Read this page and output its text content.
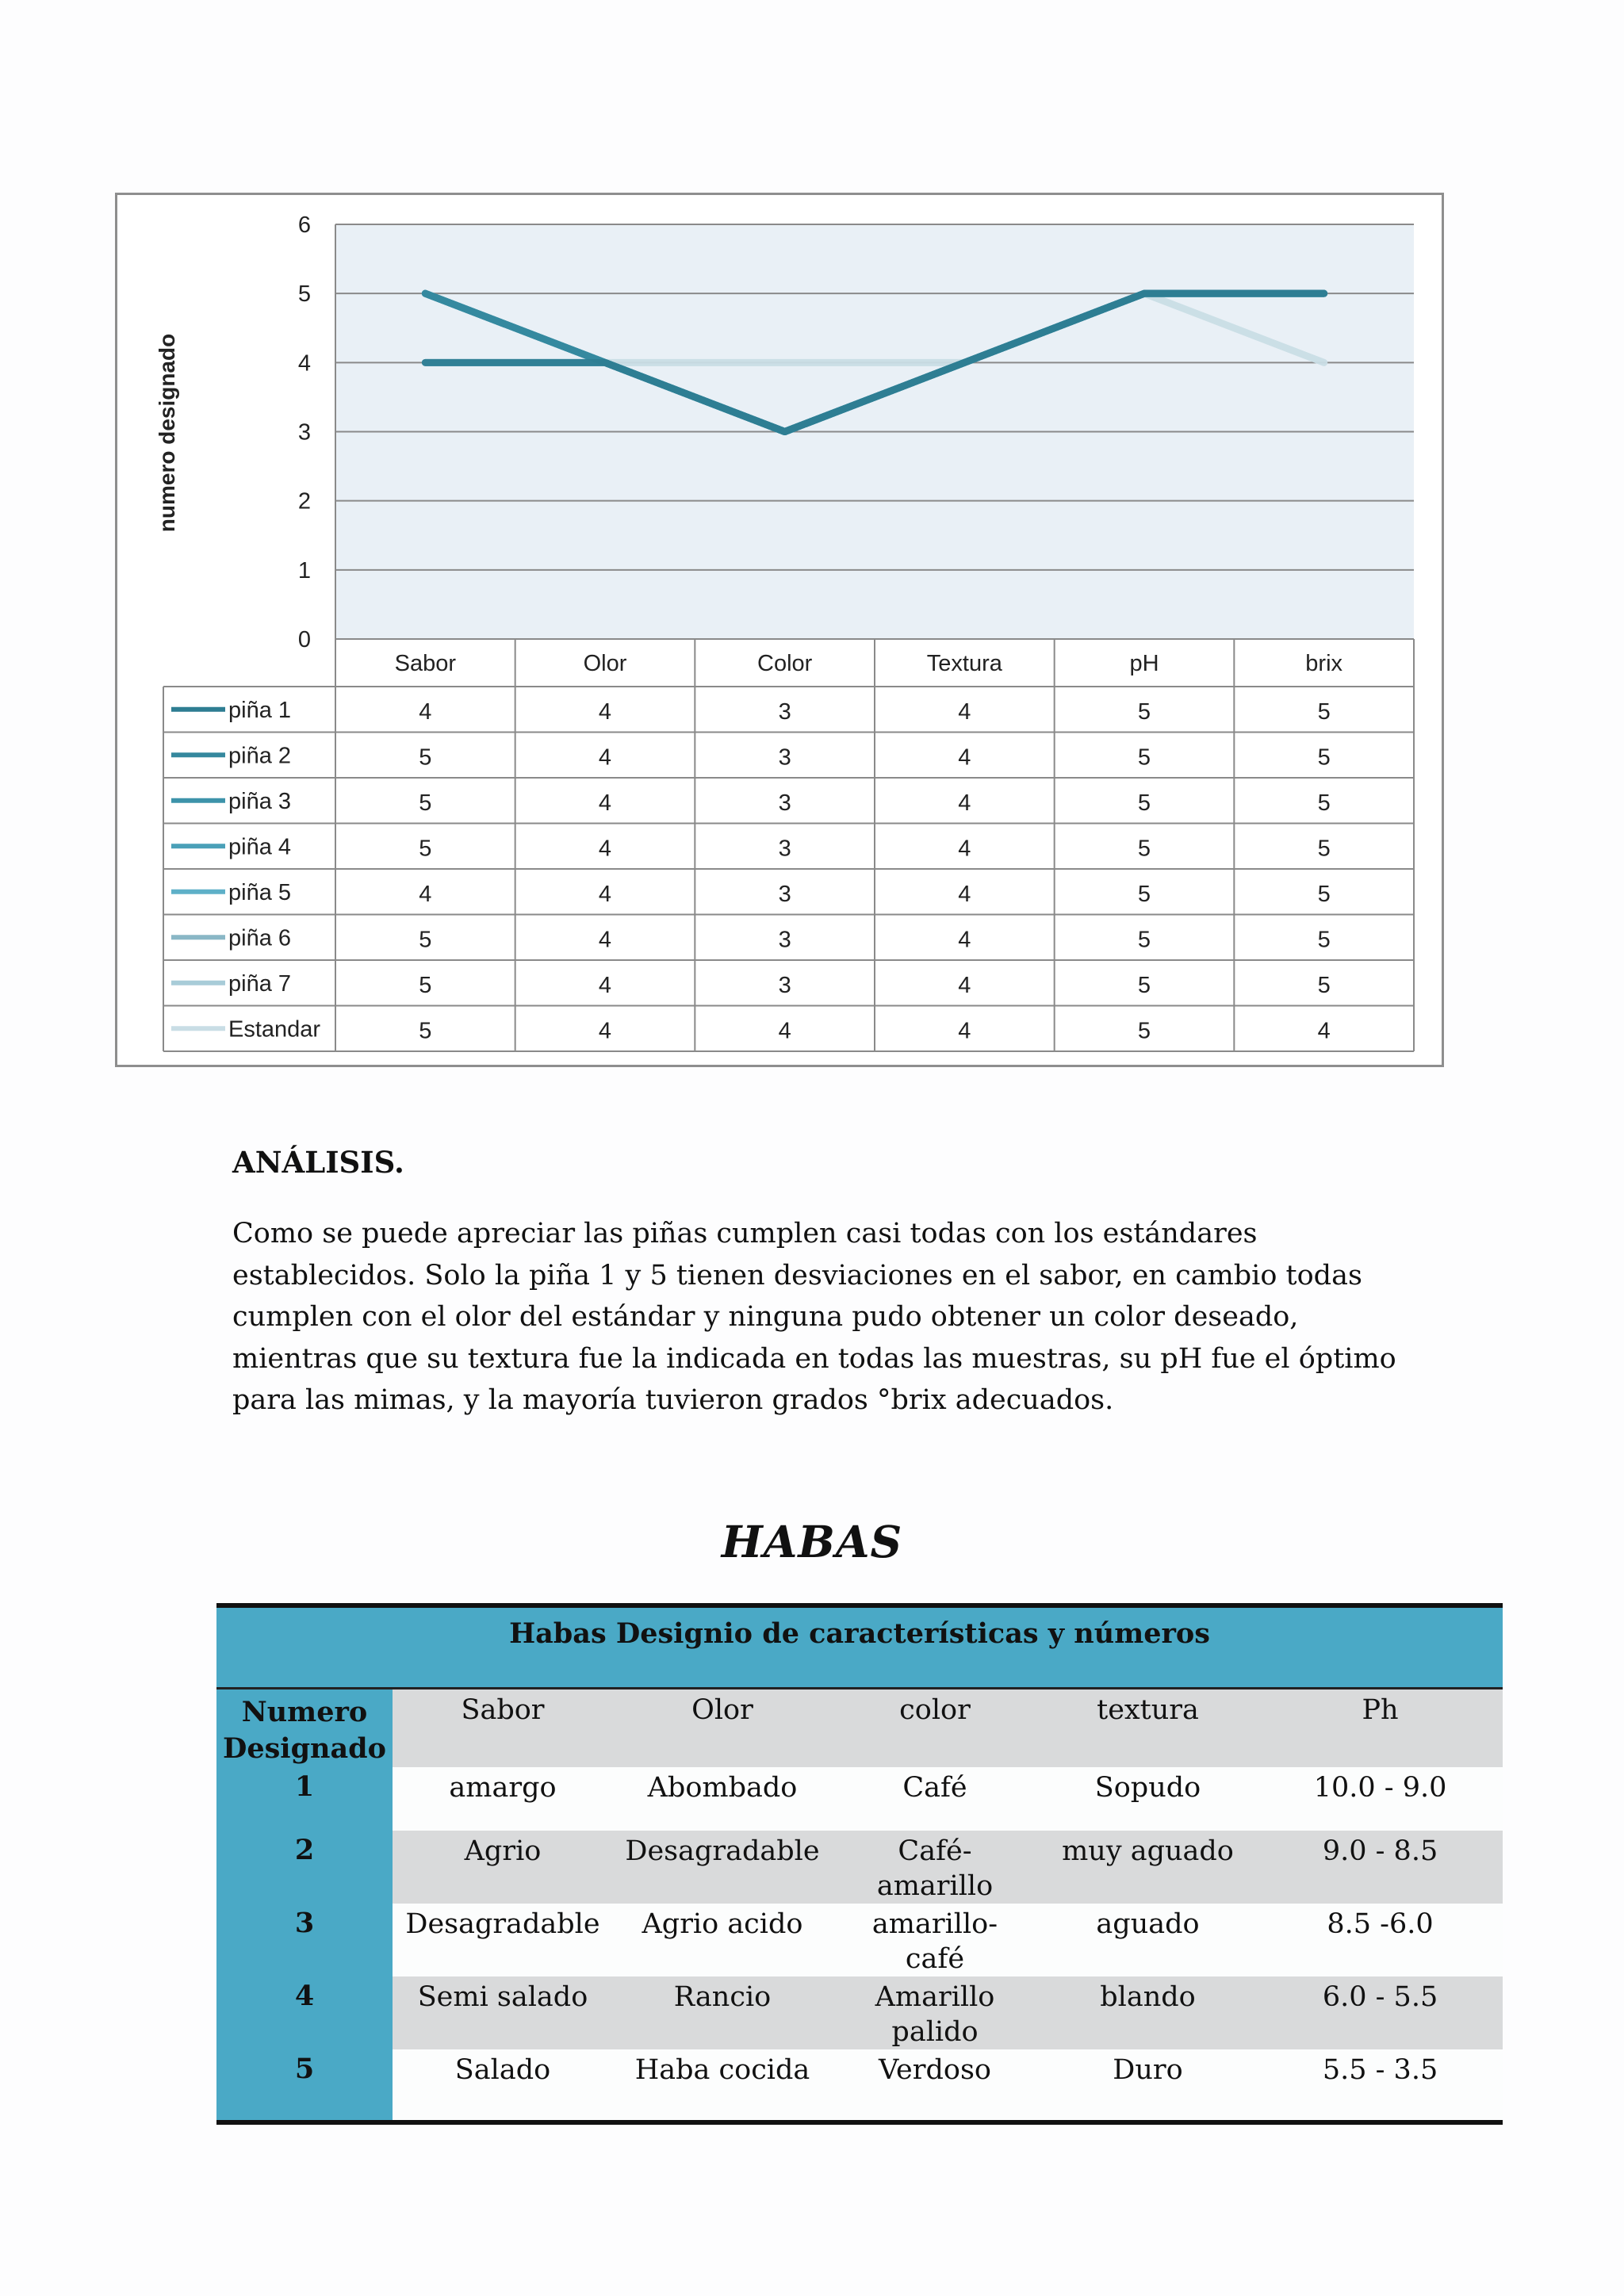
0
1
2
3
4
5
6
Sabor	Olor	Color	Textura	pH	brix
piña 1	4	4	3	4	5	5
piña 2	5	4	3	4	5	5
piña 3	5	4	3	4	5	5
piña 4	5	4	3	4	5	5
piña 5	4	4	3	4	5	5
piña 6	5	4	3	4	5	5
piña 7	5	4	3	4	5	5
Estandar	5	4	4	4	5	4
numero designado
ANÁLISIS.
Como se puede apreciar las piñas cumplen casi todas con los estándares
establecidos. Solo la piña 1 y 5 tienen desviaciones en el sabor, en cambio todas
cumplen con el olor del estándar y ninguna pudo obtener un color deseado,
mientras que su textura fue la indicada en todas las muestras, su pH fue el óptimo
para las mimas, y la mayoría tuvieron grados °brix adecuados.
HABAS
Habas Designio de características y números					

Numero
Designado	Sabor	Olor	color	textura	Ph
1	amargo	Abombado	Café	Sopudo	10.0 - 9.0

2	Agrio	Desagradable	Café-
amarillo	muy aguado	9.0 - 8.5

3	Desagradable	Agrio acido	amarillo-
café	aguado	8.5 -6.0

4	Semi salado	Rancio	Amarillo
palido	blando	6.0 - 5.5

5	Salado	Haba cocida	Verdoso	Duro	5.5 - 3.5
